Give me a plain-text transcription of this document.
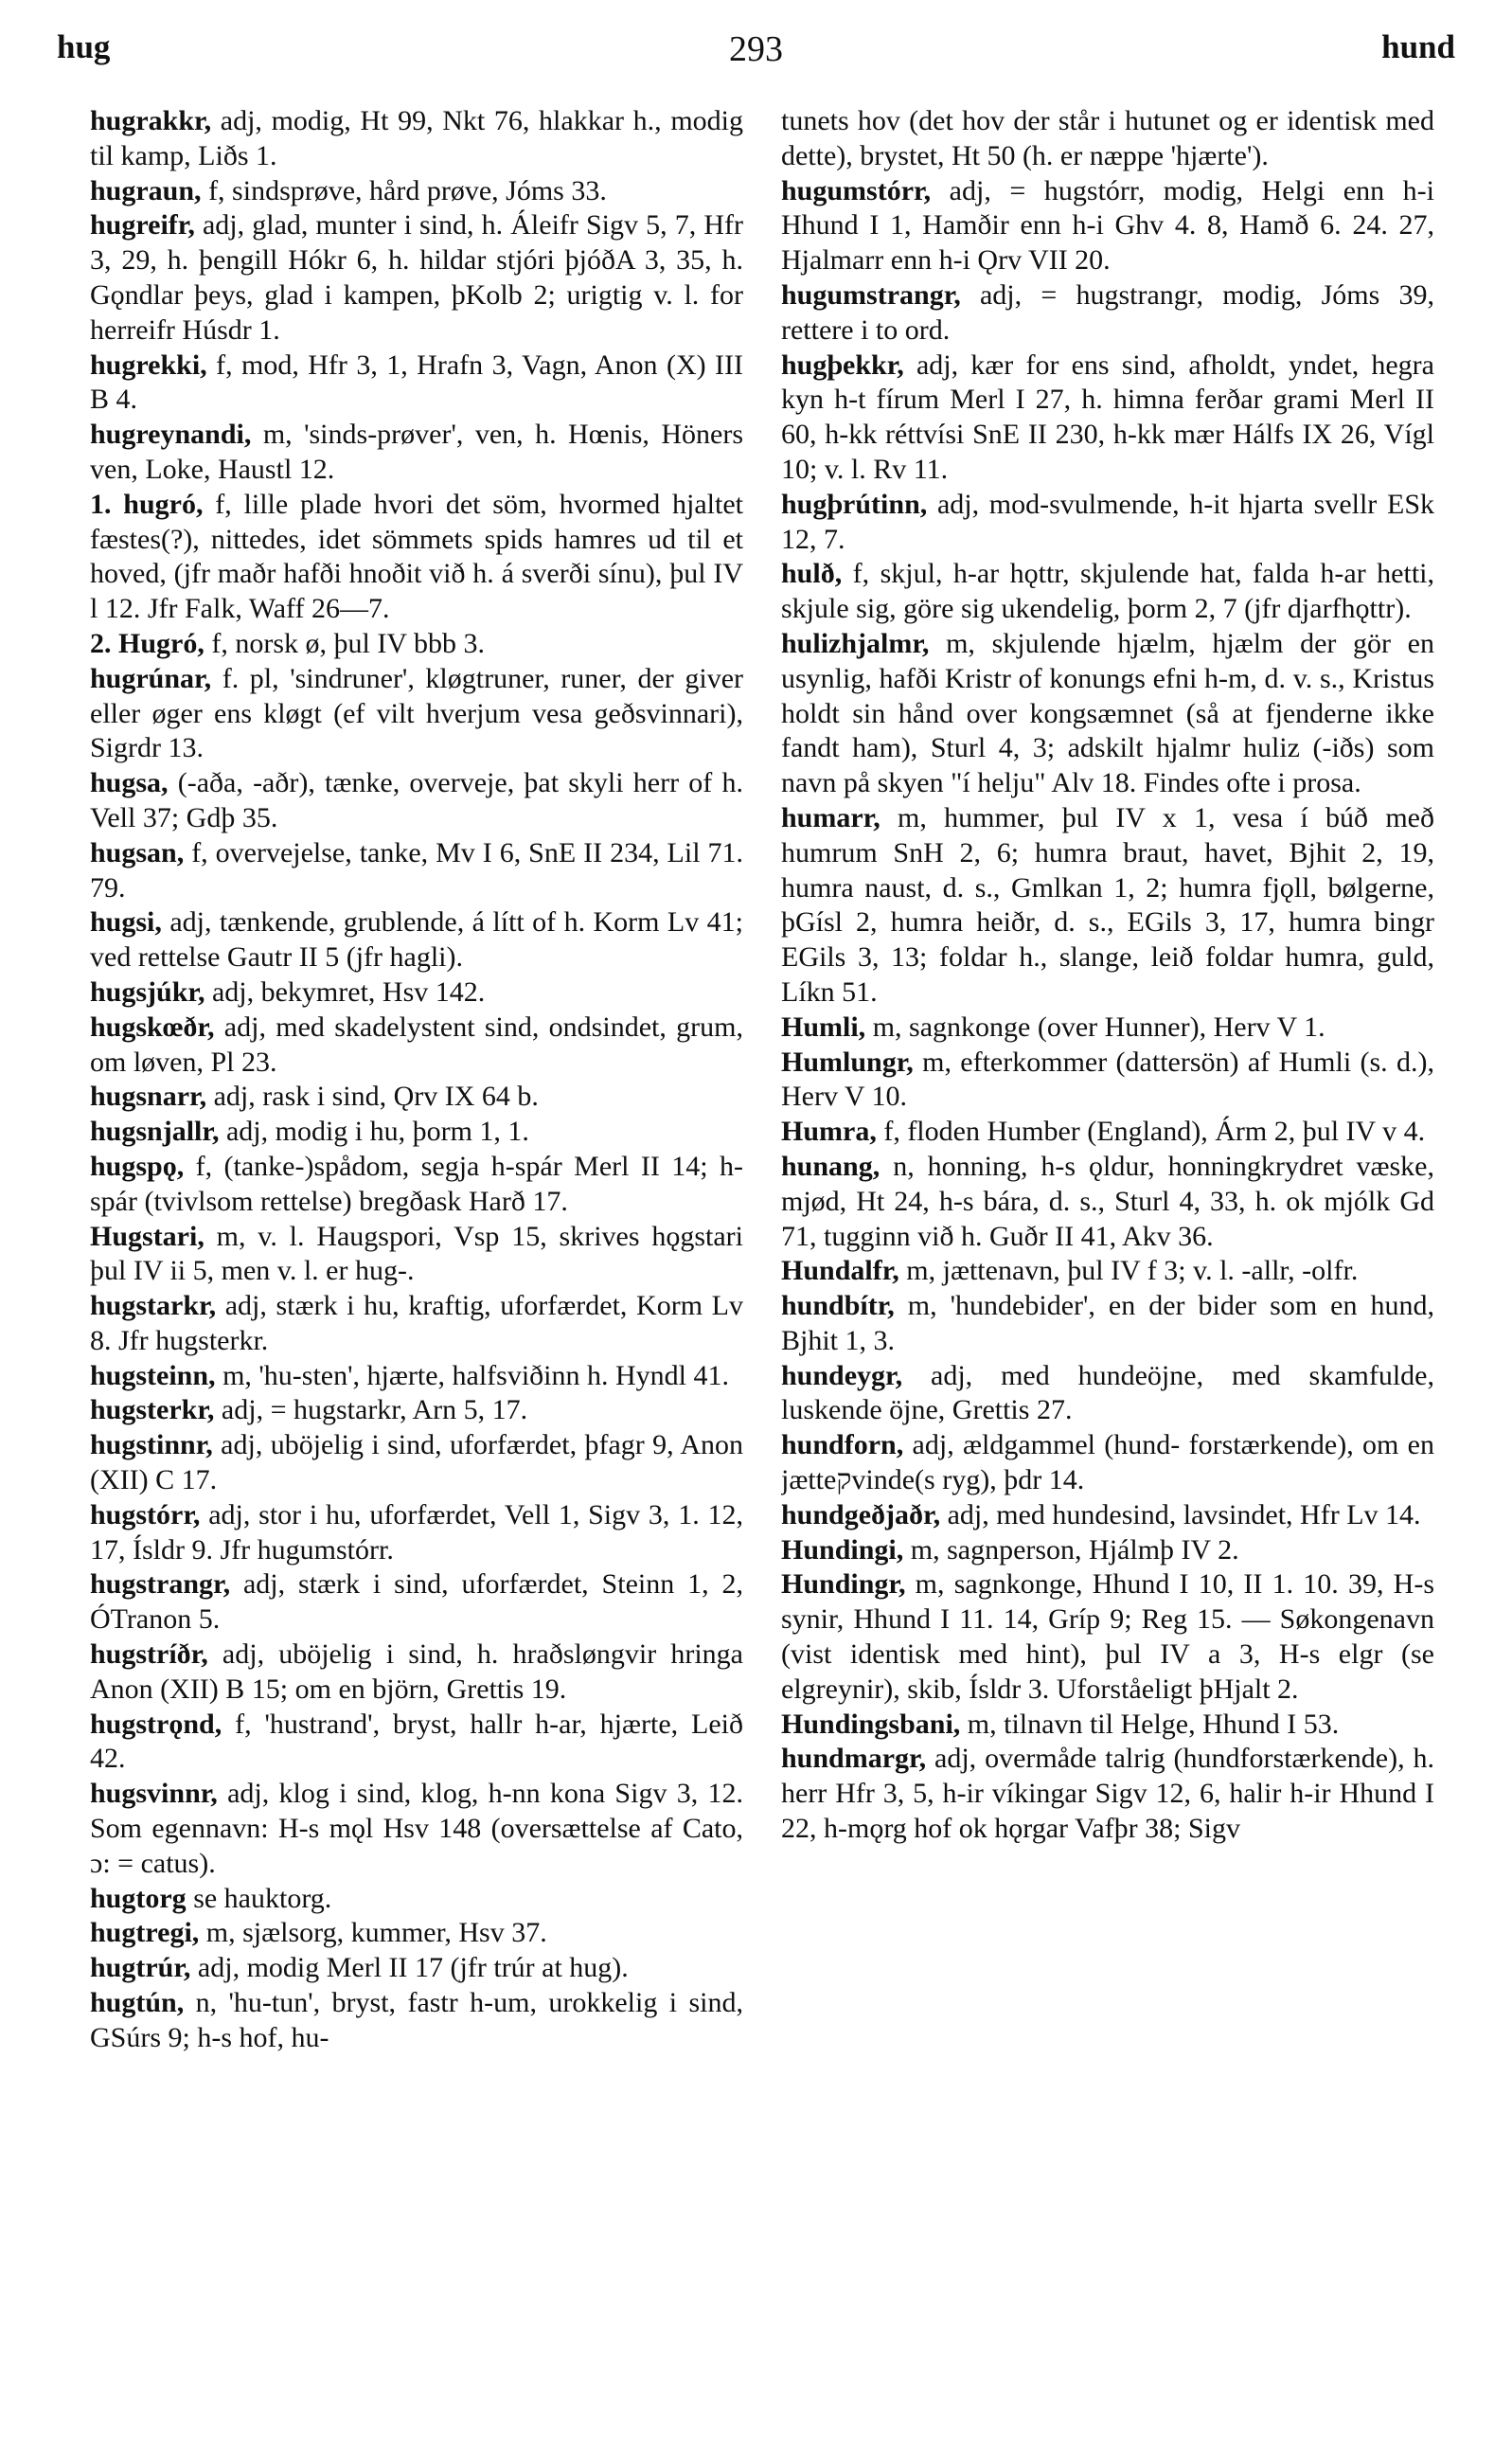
hug	293	hund

hugrakkr, adj, modig, Ht 99, Nkt 76, hlakkar h., modig til kamp, Liðs 1.

hugraun, f, sindsprøve, hård prøve, Jóms 33.

hugreifr, adj, glad, munter i sind, h. Áleifr Sigv 5, 7, Hfr 3, 29, h. þengill Hókr 6, h. hildar stjóri þjóðA 3, 35, h. Gǫndlar þeys, glad i kampen, þKolb 2; urigtig v. l. for herreifr Húsdr 1.

hugrekki, f, mod, Hfr 3, 1, Hrafn 3, Vagn, Anon (X) III B 4.

hugreynandi, m, 'sinds-prøver', ven, h. Hœnis, Höners ven, Loke, Haustl 12.

1. hugró, f, lille plade hvori det söm, hvormed hjaltet fæstes(?), nittedes, idet sömmets spids hamres ud til et hoved, (jfr maðr hafði hnoðit við h. á sverði sínu), þul IV l 12. Jfr Falk, Waff 26—7.

2. Hugró, f, norsk ø, þul IV bbb 3.

hugrúnar, f. pl, 'sindruner', kløgtruner, runer, der giver eller øger ens kløgt (ef vilt hverjum vesa geðsvinnari), Sigrdr 13.

hugsa, (-aða, -aðr), tænke, overveje, þat skyli herr of h. Vell 37; Gdþ 35.

hugsan, f, overvejelse, tanke, Mv I 6, SnE II 234, Lil 71. 79.

hugsi, adj, tænkende, grublende, á lítt of h. Korm Lv 41; ved rettelse Gautr II 5 (jfr hagli).

hugsjúkr, adj, bekymret, Hsv 142.

hugskœðr, adj, med skadelystent sind, ondsindet, grum, om løven, Pl 23.

hugsnarr, adj, rask i sind, Ǫrv IX 64 b.

hugsnjallr, adj, modig i hu, þorm 1, 1.

hugspǫ, f, (tanke-)spådom, segja h-spár Merl II 14; h-spár (tvivlsom rettelse) bregðask Harð 17.

Hugstari, m, v. l. Haugspori, Vsp 15, skrives hǫgstari þul IV ii 5, men v. l. er hug-.

hugstarkr, adj, stærk i hu, kraftig, uforfærdet, Korm Lv 8. Jfr hugsterkr.

hugsteinn, m, 'hu-sten', hjærte, halfsviðinn h. Hyndl 41.

hugsterkr, adj, = hugstarkr, Arn 5, 17.

hugstinnr, adj, uböjelig i sind, uforfærdet, þfagr 9, Anon (XII) C 17.

hugstórr, adj, stor i hu, uforfærdet, Vell 1, Sigv 3, 1. 12, 17, Ísldr 9. Jfr hugumstórr.

hugstrangr, adj, stærk i sind, uforfærdet, Steinn 1, 2, ÓTranon 5.

hugstríðr, adj, uböjelig i sind, h. hraðsløngvir hringa Anon (XII) B 15; om en björn, Grettis 19.

hugstrǫnd, f, 'hustrand', bryst, hallr h-ar, hjærte, Leið 42.

hugsvinnr, adj, klog i sind, klog, h-nn kona Sigv 3, 12. Som egennavn: H-s mǫl Hsv 148 (oversættelse af Cato, ɔ: = catus).

hugtorg se hauktorg.

hugtregi, m, sjælsorg, kummer, Hsv 37.

hugtrúr, adj, modig Merl II 17 (jfr trúr at hug).

hugtún, n, 'hu-tun', bryst, fastr h-um, urokkelig i sind, GSúrs 9; h-s hof, hu-

tunets hov (det hov der står i hutunet og er identisk med dette), brystet, Ht 50 (h. er næppe 'hjærte').

hugumstórr, adj, = hugstórr, modig, Helgi enn h-i Hhund I 1, Hamðir enn h-i Ghv 4. 8, Hamð 6. 24. 27, Hjalmarr enn h-i Ǫrv VII 20.

hugumstrangr, adj, = hugstrangr, modig, Jóms 39, rettere i to ord.

hugþekkr, adj, kær for ens sind, afholdt, yndet, hegra kyn h-t fírum Merl I 27, h. himna ferðar grami Merl II 60, h-kk réttvísi SnE II 230, h-kk mær Hálfs IX 26, Vígl 10; v. l. Rv 11.

hugþrútinn, adj, mod-svulmende, h-it hjarta svellr ESk 12, 7.

hulð, f, skjul, h-ar hǫttr, skjulende hat, falda h-ar hetti, skjule sig, göre sig ukendelig, þorm 2, 7 (jfr djarfhǫttr).

hulizhjalmr, m, skjulende hjælm, hjælm der gör en usynlig, hafði Kristr of konungs efni h-m, d. v. s., Kristus holdt sin hånd over kongsæmnet (så at fjenderne ikke fandt ham), Sturl 4, 3; adskilt hjalmr huliz (-iðs) som navn på skyen "í helju" Alv 18. Findes ofte i prosa.

humarr, m, hummer, þul IV x 1, vesa í búð með humrum SnH 2, 6; humra braut, havet, Bjhit 2, 19, humra naust, d. s., Gmlkan 1, 2; humra fjǫll, bølgerne, þGísl 2, humra heiðr, d. s., EGils 3, 17, humra bingr EGils 3, 13; foldar h., slange, leið foldar humra, guld, Líkn 51.

Humli, m, sagnkonge (over Hunner), Herv V 1.

Humlungr, m, efterkommer (dattersön) af Humli (s. d.), Herv V 10.

Humra, f, floden Humber (England), Árm 2, þul IV v 4.

hunang, n, honning, h-s ǫldur, honningkrydret væske, mjød, Ht 24, h-s bára, d. s., Sturl 4, 33, h. ok mjólk Gd 71, tugginn við h. Guðr II 41, Akv 36.

Hundalfr, m, jættenavn, þul IV f 3; v. l. -allr, -olfr.

hundbítr, m, 'hundebider', en der bider som en hund, Bjhit 1, 3.

hundeygr, adj, med hundeöjne, med skamfulde, luskende öjne, Grettis 27.

hundforn, adj, ældgammel (hund- forstærkende), om en jætteקvinde(s ryg), þdr 14.

hundgeðjaðr, adj, med hundesind, lavsindet, Hfr Lv 14.

Hundingi, m, sagnperson, Hjálmþ IV 2.

Hundingr, m, sagnkonge, Hhund I 10, II 1. 10. 39, H-s synir, Hhund I 11. 14, Gríp 9; Reg 15. — Søkongenavn (vist identisk med hint), þul IV a 3, H-s elgr (se elgreynir), skib, Ísldr 3. Uforståeligt þHjalt 2.

Hundingsbani, m, tilnavn til Helge, Hhund I 53.

hundmargr, adj, overmåde talrig (hundforstærkende), h. herr Hfr 3, 5, h-ir víkingar Sigv 12, 6, halir h-ir Hhund I 22, h-mǫrg hof ok hǫrgar Vafþr 38; Sigv
